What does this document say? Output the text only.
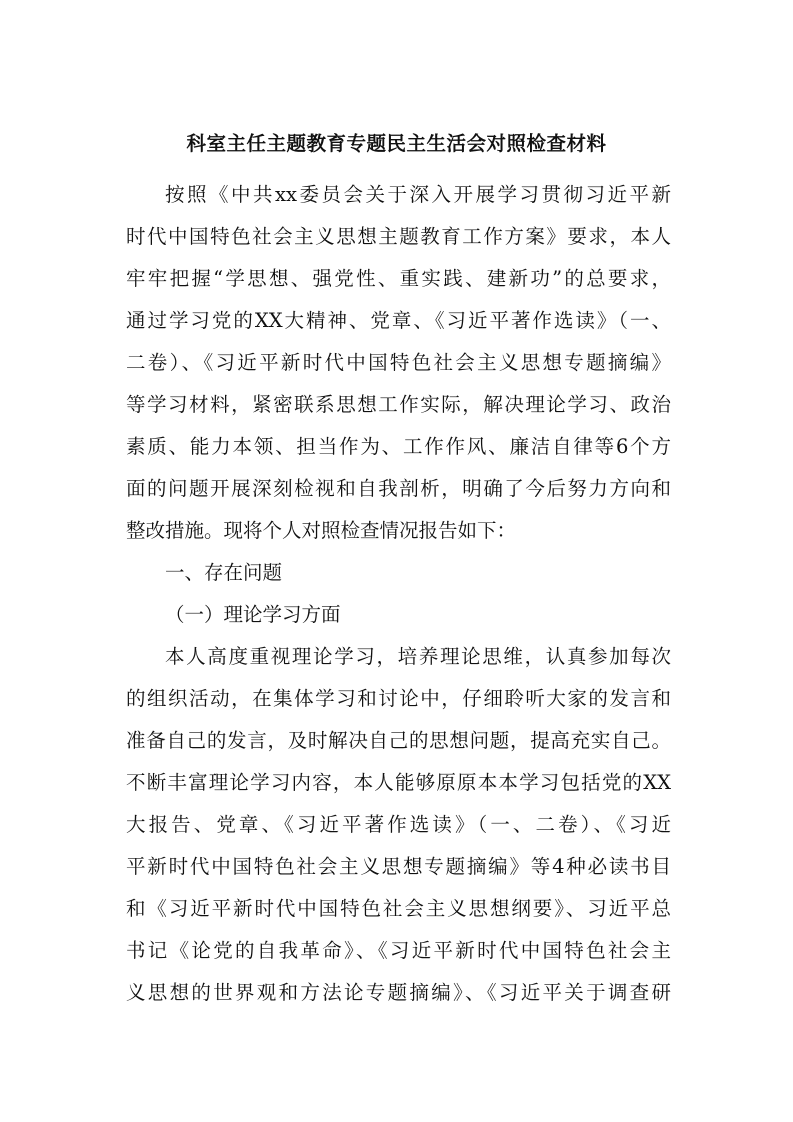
科室主任主题教育专题民主生活会对照检查材料
按照《中共xx委员会关于深入开展学习贯彻习近平新
时代中国特色社会主义思想主题教育工作方案》要求，本人
牢牢把握“学思想、强党性、重实践、建新功”的总要求，
通过学习党的XX大精神、党章、《习近平著作选读》（一、
二卷）、《习近平新时代中国特色社会主义思想专题摘编》
等学习材料，紧密联系思想工作实际，解决理论学习、政治
素质、能力本领、担当作为、工作作风、廉洁自律等6个方
面的问题开展深刻检视和自我剖析，明确了今后努力方向和
整改措施。现将个人对照检查情况报告如下：
一、存在问题
（一）理论学习方面
本人高度重视理论学习，培养理论思维，认真参加每次
的组织活动，在集体学习和讨论中，仔细聆听大家的发言和
准备自己的发言，及时解决自己的思想问题，提高充实自己。
不断丰富理论学习内容，本人能够原原本本学习包括党的XX
大报告、党章、《习近平著作选读》（一、二卷）、《习近
平新时代中国特色社会主义思想专题摘编》等4种必读书目
和《习近平新时代中国特色社会主义思想纲要》、习近平总
书记《论党的自我革命》、《习近平新时代中国特色社会主
义思想的世界观和方法论专题摘编》、《习近平关于调查研
